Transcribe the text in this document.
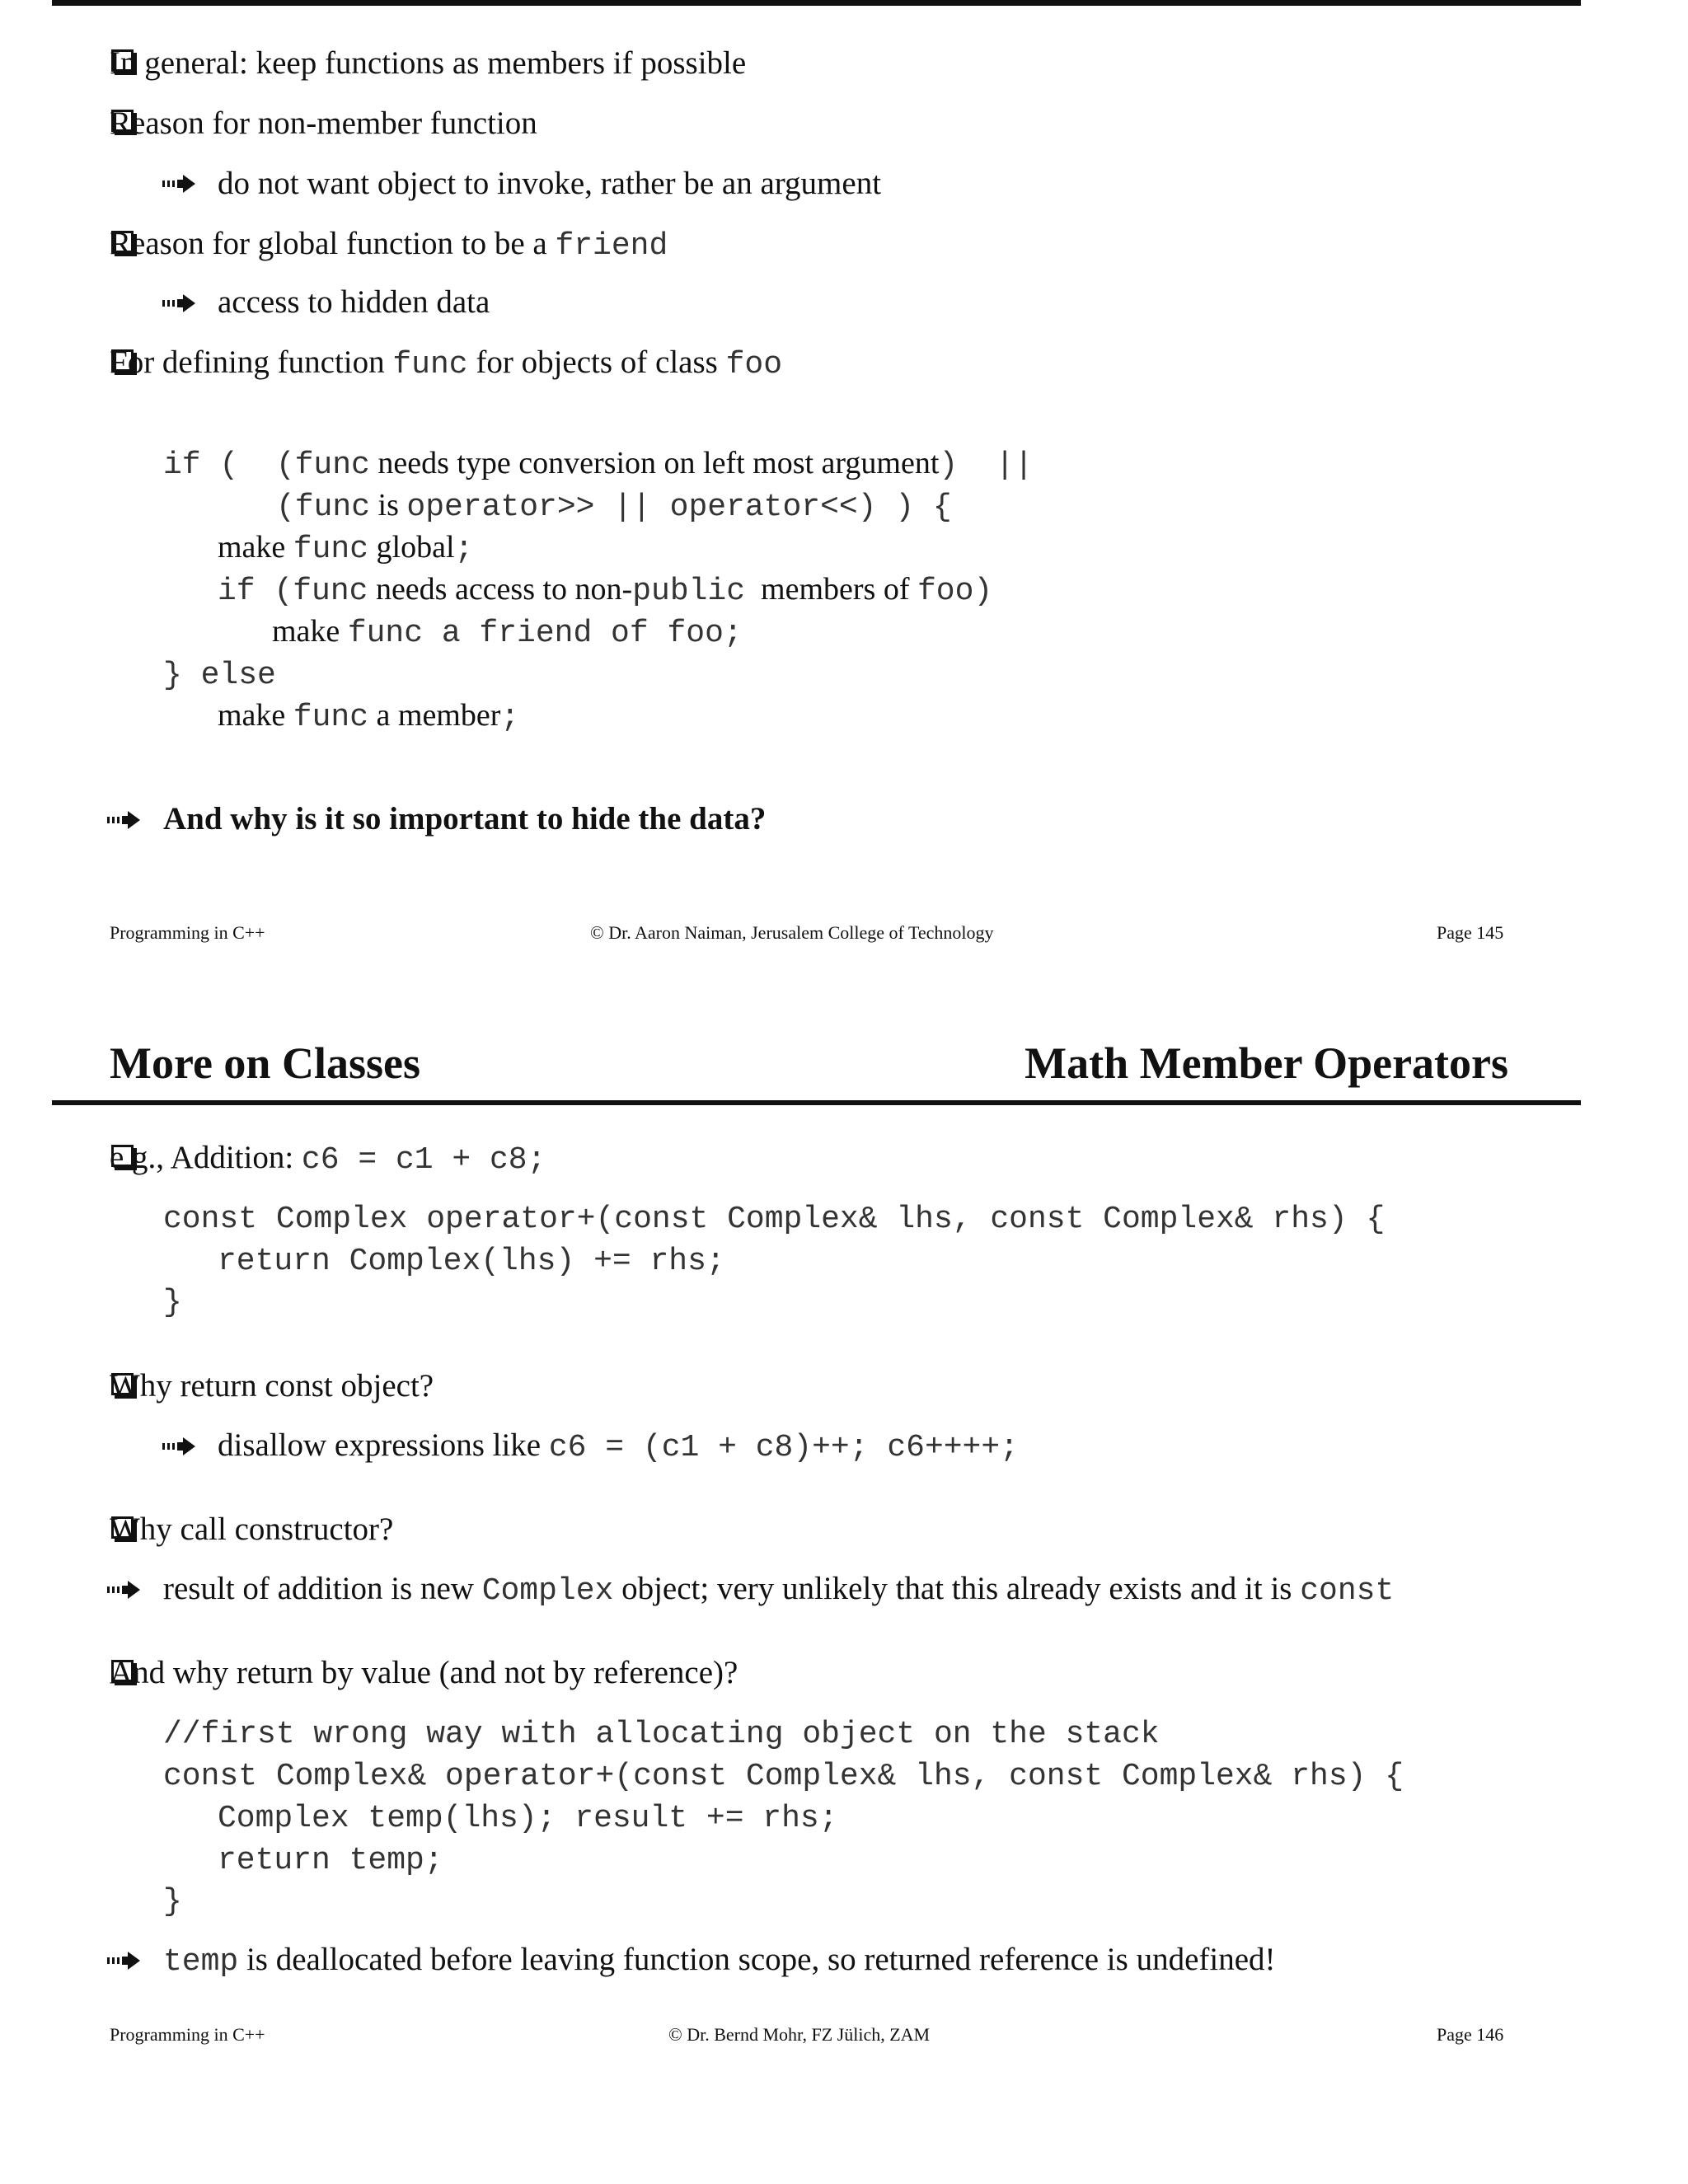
In general: keep functions as members if possible
Reason for non-member function
do not want object to invoke, rather be an argument
Reason for global function to be a friend
access to hidden data
For defining function func for objects of class foo
if (  (func needs type conversion on left most argument)  ||
(func is operator>> || operator<<) ) {
make func global;
if (func needs access to non-public  members of foo)
make func a friend of foo;
} else
make func a member;
And why is it so important to hide the data?
Programming in C++	© Dr. Aaron Naiman, Jerusalem College of Technology	Page 145
More on Classes	Math Member Operators
e.g., Addition: c6 = c1 + c8;
const Complex operator+(const Complex& lhs, const Complex& rhs) {
return Complex(lhs) += rhs;
}
Why return const object?
disallow expressions like c6 = (c1 + c8)++; c6++++;
Why call constructor?
result of addition is new Complex object; very unlikely that this already exists and it is const
And why return by value (and not by reference)?
//first wrong way with allocating object on the stack
const Complex& operator+(const Complex& lhs, const Complex& rhs) {
Complex temp(lhs); result += rhs;
return temp;
}
temp is deallocated before leaving function scope, so returned reference is undefined!
Programming in C++	© Dr. Bernd Mohr, FZ Jülich, ZAM	Page 146
